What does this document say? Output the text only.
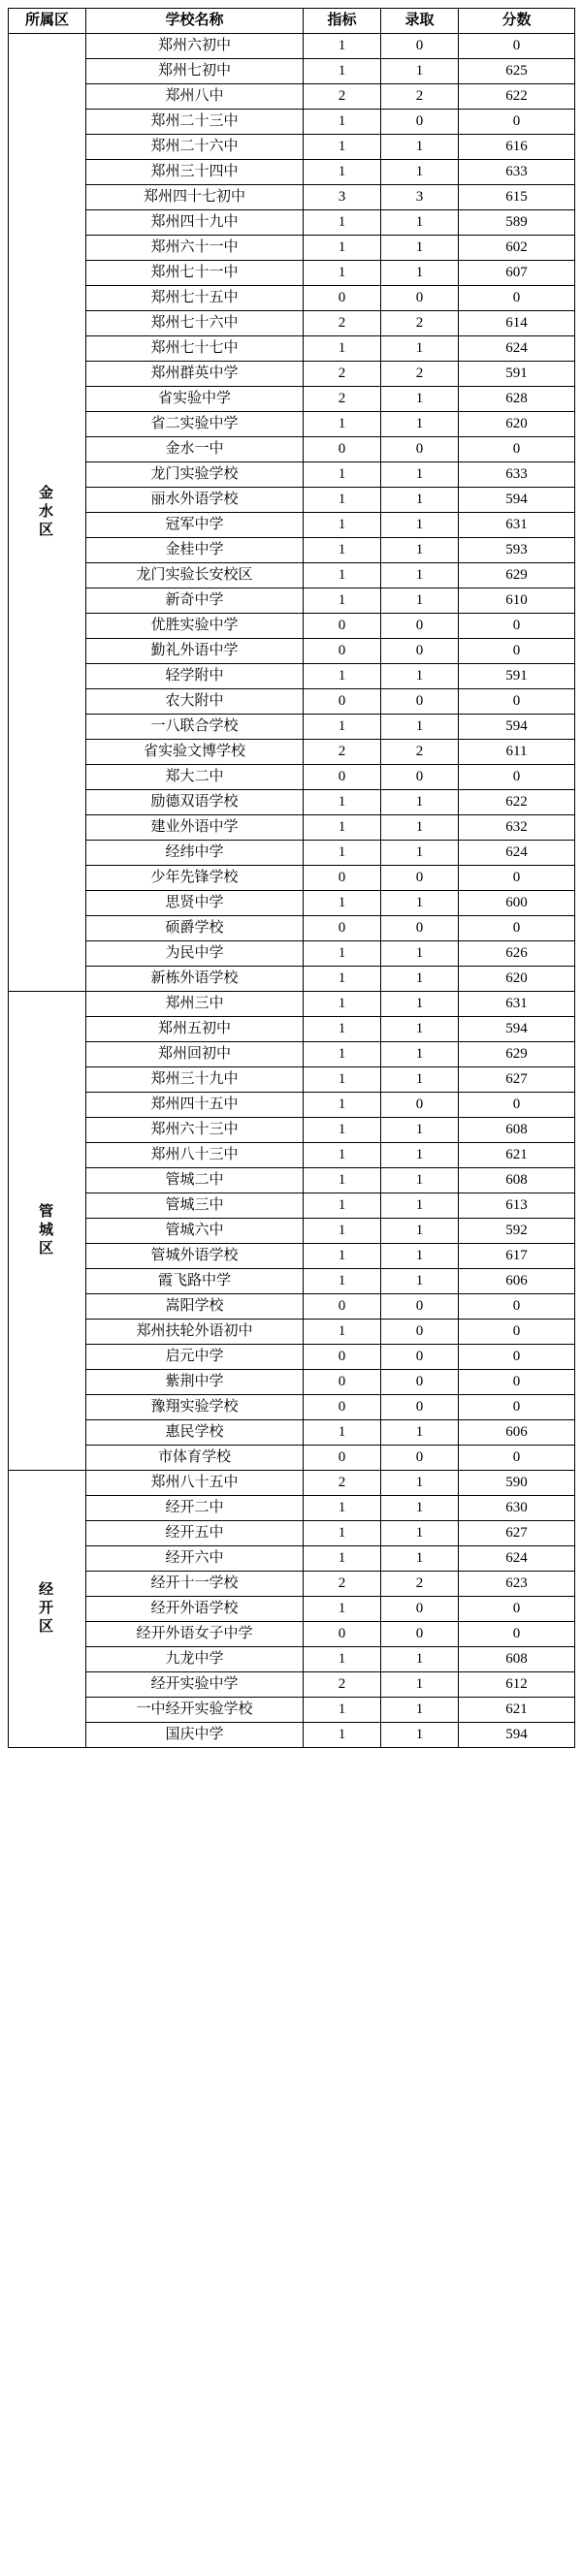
所属区	学校名称	指标	录取	分数

金
水
区	郑州六初中	1	0	0
	郑州七初中	1	1	625
	郑州八中	2	2	622
	郑州二十三中	1	0	0
	郑州二十六中	1	1	616
	郑州三十四中	1	1	633
	郑州四十七初中	3	3	615
	郑州四十九中	1	1	589
	郑州六十一中	1	1	602
	郑州七十一中	1	1	607
	郑州七十五中	0	0	0
	郑州七十六中	2	2	614
	郑州七十七中	1	1	624
	郑州群英中学	2	2	591
	省实验中学	2	1	628
	省二实验中学	1	1	620
	金水一中	0	0	0
	龙门实验学校	1	1	633
	丽水外语学校	1	1	594
	冠军中学	1	1	631
	金桂中学	1	1	593
	龙门实验长安校区	1	1	629
	新奇中学	1	1	610
	优胜实验中学	0	0	0
	勤礼外语中学	0	0	0
	轻学附中	1	1	591
	农大附中	0	0	0
	一八联合学校	1	1	594
	省实验文博学校	2	2	611
	郑大二中	0	0	0
	励德双语学校	1	1	622
	建业外语中学	1	1	632
	经纬中学	1	1	624
	少年先锋学校	0	0	0
	思贤中学	1	1	600
	硕爵学校	0	0	0
	为民中学	1	1	626
	新栋外语学校	1	1	620

管
城
区	郑州三中	1	1	631
	郑州五初中	1	1	594
	郑州回初中	1	1	629
	郑州三十九中	1	1	627
	郑州四十五中	1	0	0
	郑州六十三中	1	1	608
	郑州八十三中	1	1	621
	管城二中	1	1	608
	管城三中	1	1	613
	管城六中	1	1	592
	管城外语学校	1	1	617
	霞飞路中学	1	1	606
	嵩阳学校	0	0	0
	郑州扶轮外语初中	1	0	0
	启元中学	0	0	0
	紫荆中学	0	0	0
	豫翔实验学校	0	0	0
	惠民学校	1	1	606
	市体育学校	0	0	0

经
开
区	郑州八十五中	2	1	590
	经开二中	1	1	630
	经开五中	1	1	627
	经开六中	1	1	624
	经开十一学校	2	2	623
	经开外语学校	1	0	0
	经开外语女子中学	0	0	0
	九龙中学	1	1	608
	经开实验中学	2	1	612
	一中经开实验学校	1	1	621
	国庆中学	1	1	594
